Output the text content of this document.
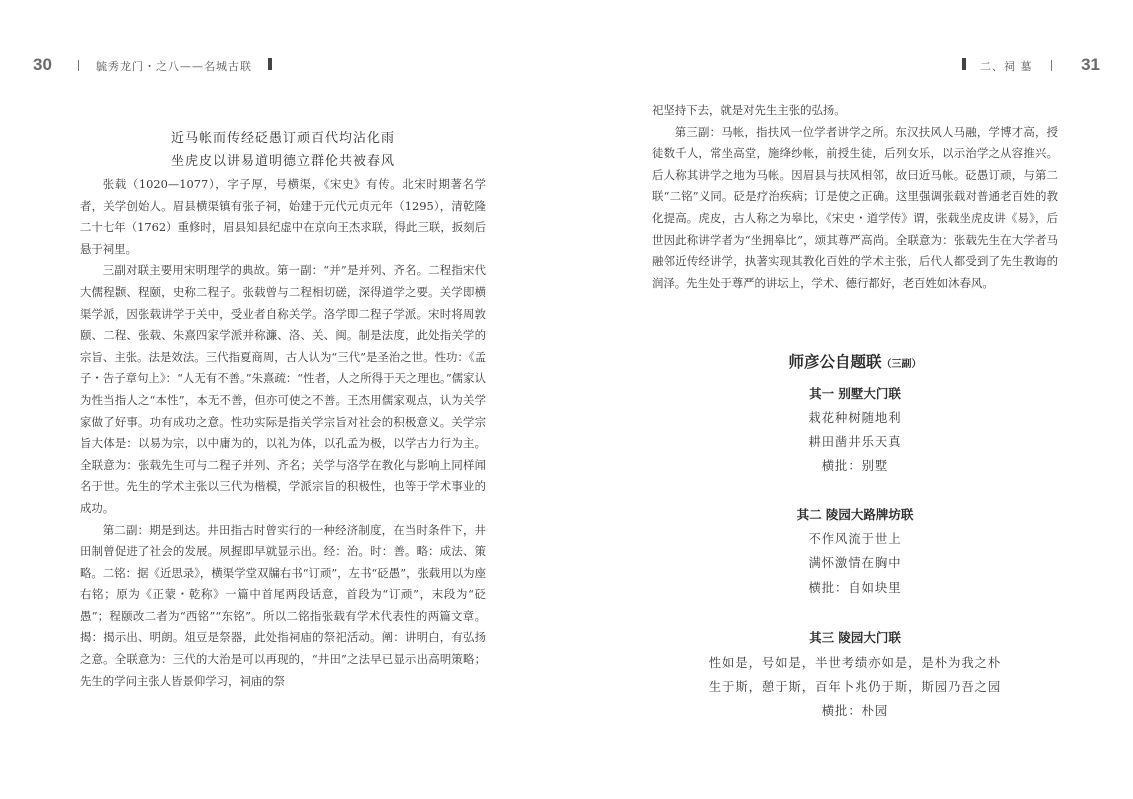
30	毓秀龙门・之八——名城古联
近马帐而传经砭愚订顽百代均沾化雨
坐虎皮以讲易道明德立群伦共被春风

张载（1020—1077），字子厚，号横渠，《宋史》有传。北宋时期著名学者，关学创始人。眉县横渠镇有张子祠，始建于元代元贞元年（1295），清乾隆二十七年（1762）重修时，眉县知县纪虚中在京向王杰求联，得此三联，扳刻后悬于祠里。

三副对联主要用宋明理学的典故。第一副：“并”是并列、齐名。二程指宋代大儒程颢、程颐，史称二程子。张载曾与二程相切磋，深得道学之要。关学即横渠学派，因张载讲学于关中，受业者自称关学。洛学即二程子学派。宋时将周敦颐、二程、张载、朱熹四家学派并称濂、洛、关、闽。制是法度，此处指关学的宗旨、主张。法是效法。三代指夏商周，古人认为“三代”是圣治之世。性功：《孟子・告子章句上》：“人无有不善。”朱熹疏：“性者，人之所得于天之理也。”儒家认为性当指人之“本性”，本无不善，但亦可使之不善。王杰用儒家观点，认为关学家做了好事。功有成功之意。性功实际是指关学宗旨对社会的积极意义。关学宗旨大体是：以易为宗，以中庸为的，以礼为体，以孔孟为极，以学古力行为主。全联意为：张载先生可与二程子并列、齐名；关学与洛学在教化与影响上同样闻名于世。先生的学术主张以三代为楷模，学派宗旨的积极性，也等于学术事业的成功。

第二副：期是到达。井田指古时曾实行的一种经济制度，在当时条件下，井田制曾促进了社会的发展。夙握即早就显示出。经：治。时：善。略：成法、策略。二铭：据《近思录》，横渠学堂双牖右书“订顽”，左书“砭愚”，张载用以为座右铭；原为《正蒙・乾称》一篇中首尾两段话意，首段为“订顽”，末段为“砭愚”；程颐改二者为“西铭”“东铭”。所以二铭指张载有学术代表性的两篇文章。揭：揭示出、明朗。俎豆是祭器，此处指祠庙的祭祀活动。阐：讲明白，有弘扬之意。全联意为：三代的大治是可以再现的，“井田”之法早已显示出高明策略；先生的学问主张人皆景仰学习，祠庙的祭

二、祠 墓	31

祀坚持下去，就是对先生主张的弘扬。

第三副：马帐，指扶风一位学者讲学之所。东汉扶风人马融，学博才高，授徒数千人，常坐高堂，施绛纱帐，前授生徒，后列女乐，以示治学之从容推兴。后人称其讲学之地为马帐。因眉县与扶风相邻，故曰近马帐。砭愚订顽，与第二联“二铭”义同。砭是疗治疾病；订是使之正确。这里强调张载对普通老百姓的教化提高。虎皮，古人称之为皋比，《宋史・道学传》谓，张载坐虎皮讲《易》，后世因此称讲学者为“坐拥皋比”，颂其尊严高尚。全联意为：张载先生在大学者马融邻近传经讲学，执著实现其教化百姓的学术主张，后代人都受到了先生教诲的润泽。先生处于尊严的讲坛上，学术、德行都好，老百姓如沐春风。

师彦公自题联（三副）
其一 别墅大门联
栽花种树随地利
耕田凿井乐天真
横批：别墅
其二 陵园大路牌坊联
不作风流于世上
满怀激情在胸中
横批：自如块里
其三 陵园大门联
性如是，号如是，半世考绩亦如是，是朴为我之朴
生于斯，憩于斯，百年卜兆仍于斯，斯园乃吾之园
横批：朴园
